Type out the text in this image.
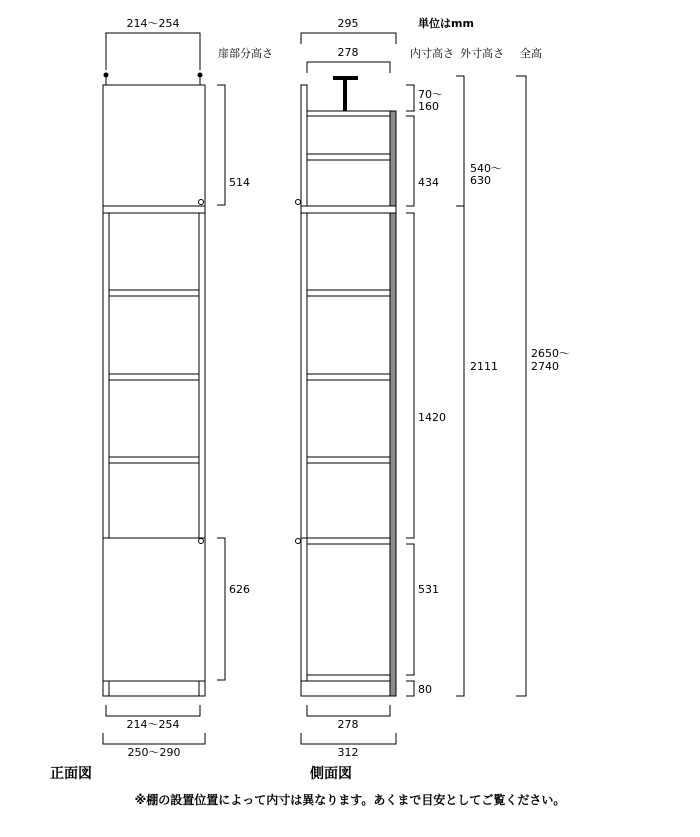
214～254
514
626
214～254
250～290
正面図
295
278
278
312
側面図
単位はmm
扉部分高さ	内寸高さ 外寸高さ 全高
70～
160
434
1420
531
80
540～
630
2111
2650～
2740
※棚の設置位置によって内寸は異なります。あくまで目安としてご覧ください。
